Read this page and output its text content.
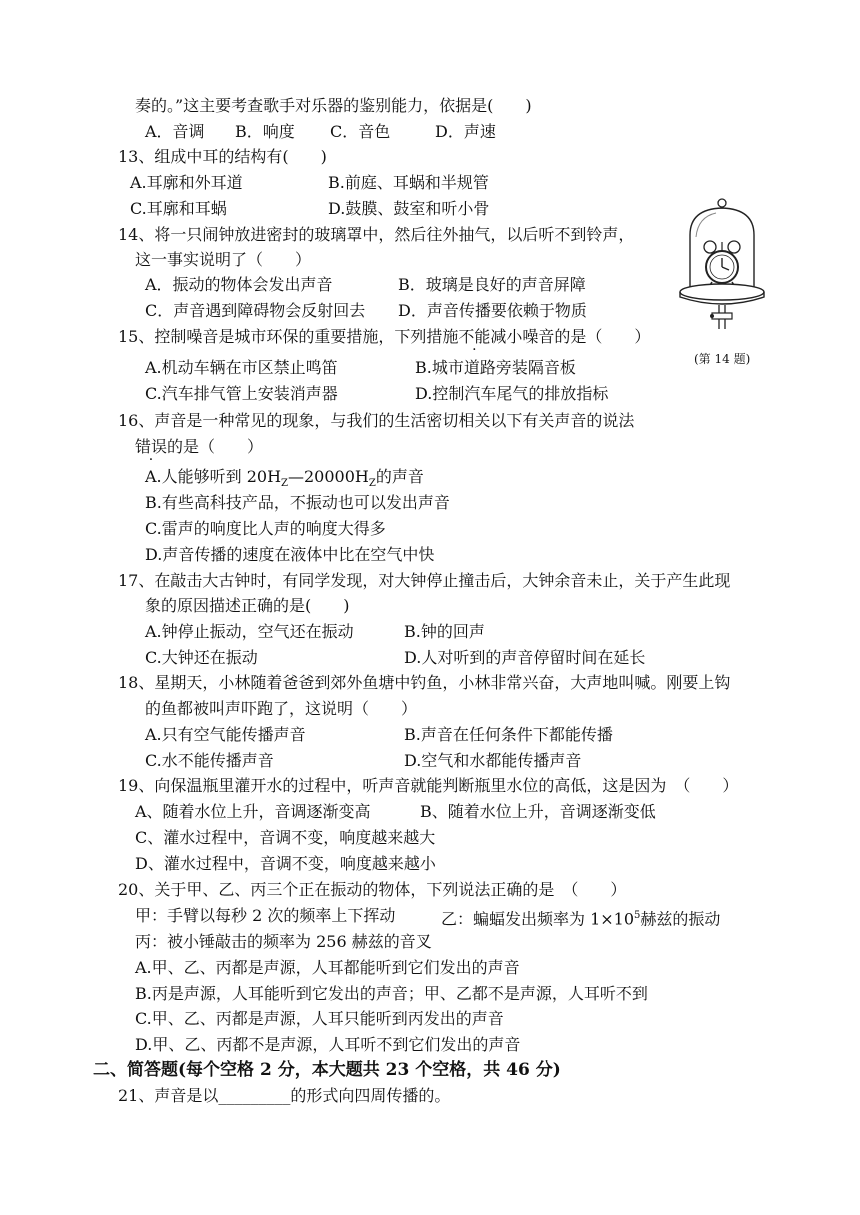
奏的。”这主要考查歌手对乐器的鉴别能力，依据是(　　)
A．音调 B．响度 C．音色	D．声速
13、组成中耳的结构有(　　)
A.耳廓和外耳道	B.前庭、耳蜗和半规管
C.耳廓和耳蜗	D.鼓膜、鼓室和听小骨
14、将一只闹钟放进密封的玻璃罩中，然后往外抽气，以后听不到铃声，
这一事实说明了（　　）
A．振动的物体会发出声音	B．玻璃是良好的声音屏障
C．声音遇到障碍物会反射回去 D．声音传播要依赖于物质
(第 14 题)
15、控制噪音是城市环保的重要措施，下列措施不能减小噪音的是（　　）
A.机动车辆在市区禁止鸣笛	B.城市道路旁装隔音板
C.汽车排气管上安装消声器	D.控制汽车尾气的排放指标
16、声音是一种常见的现象，与我们的生活密切相关以下有关声音的说法
错误的是（　　）
A.人能够听到 $20H_Z—20000H_Z$的声音
B.有些高科技产品，不振动也可以发出声音
C.雷声的响度比人声的响度大得多
D.声音传播的速度在液体中比在空气中快
17、在敲击大古钟时，有同学发现，对大钟停止撞击后，大钟余音未止，关于产生此现
象的原因描述正确的是(　　)
A.钟停止振动，空气还在振动	B.钟的回声
C.大钟还在振动	D.人对听到的声音停留时间在延长
18、星期天，小林随着爸爸到郊外鱼塘中钓鱼，小林非常兴奋，大声地叫喊。刚要上钩
的鱼都被叫声吓跑了，这说明（　　）
A.只有空气能传播声音	B.声音在任何条件下都能传播
C.水不能传播声音	D.空气和水都能传播声音
19、向保温瓶里灌开水的过程中，听声音就能判断瓶里水位的高低，这是因为　（　　）
A、随着水位上升，音调逐渐变高	B、随着水位上升，音调逐渐变低
C、灌水过程中，音调不变，响度越来越大
D、灌水过程中，音调不变，响度越来越小
20、关于甲、乙、丙三个正在振动的物体，下列说法正确的是　（　　）
甲：手臂以每秒 2 次的频率上下挥动	乙：蝙蝠发出频率为 $1\times 10^5$赫兹的振动
丙：被小锤敲击的频率为 256 赫兹的音叉
A.甲、乙、丙都是声源，人耳都能听到它们发出的声音
B.丙是声源，人耳能听到它发出的声音；甲、乙都不是声源，人耳听不到
C.甲、乙、丙都是声源，人耳只能听到丙发出的声音
D.甲、乙、丙都不是声源，人耳听不到它们发出的声音
二、简答题(每个空格 2 分，本大题共 23 个空格，共 46 分)
21、声音是以_________的形式向四周传播的。
